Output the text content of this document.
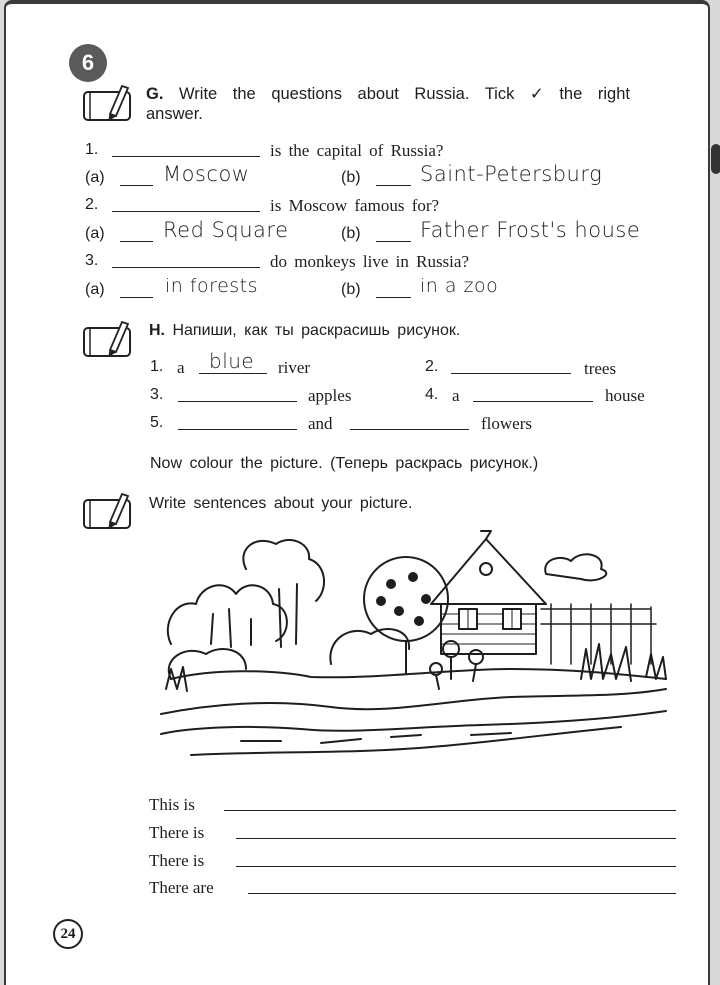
6
G. Write the questions about Russia. Tick ✓ the right
answer.
1.	is the capital of Russia?
(a)	Moscow	(b)	Saint-Petersburg
2.	is Moscow famous for?
(a)	Red Square	(b)	Father Frost's house
3.	do monkeys live in Russia?
(a)	in forests	(b)	in a zoo
H. Напиши, как ты раскрасишь рисунок.
1. a blue river	2.	trees
3.	apples	4. a	house
5.	and	flowers
Now colour the picture. (Теперь раскрась рисунок.)
Write sentences about your picture.
This is
There is
There is
There are
24
